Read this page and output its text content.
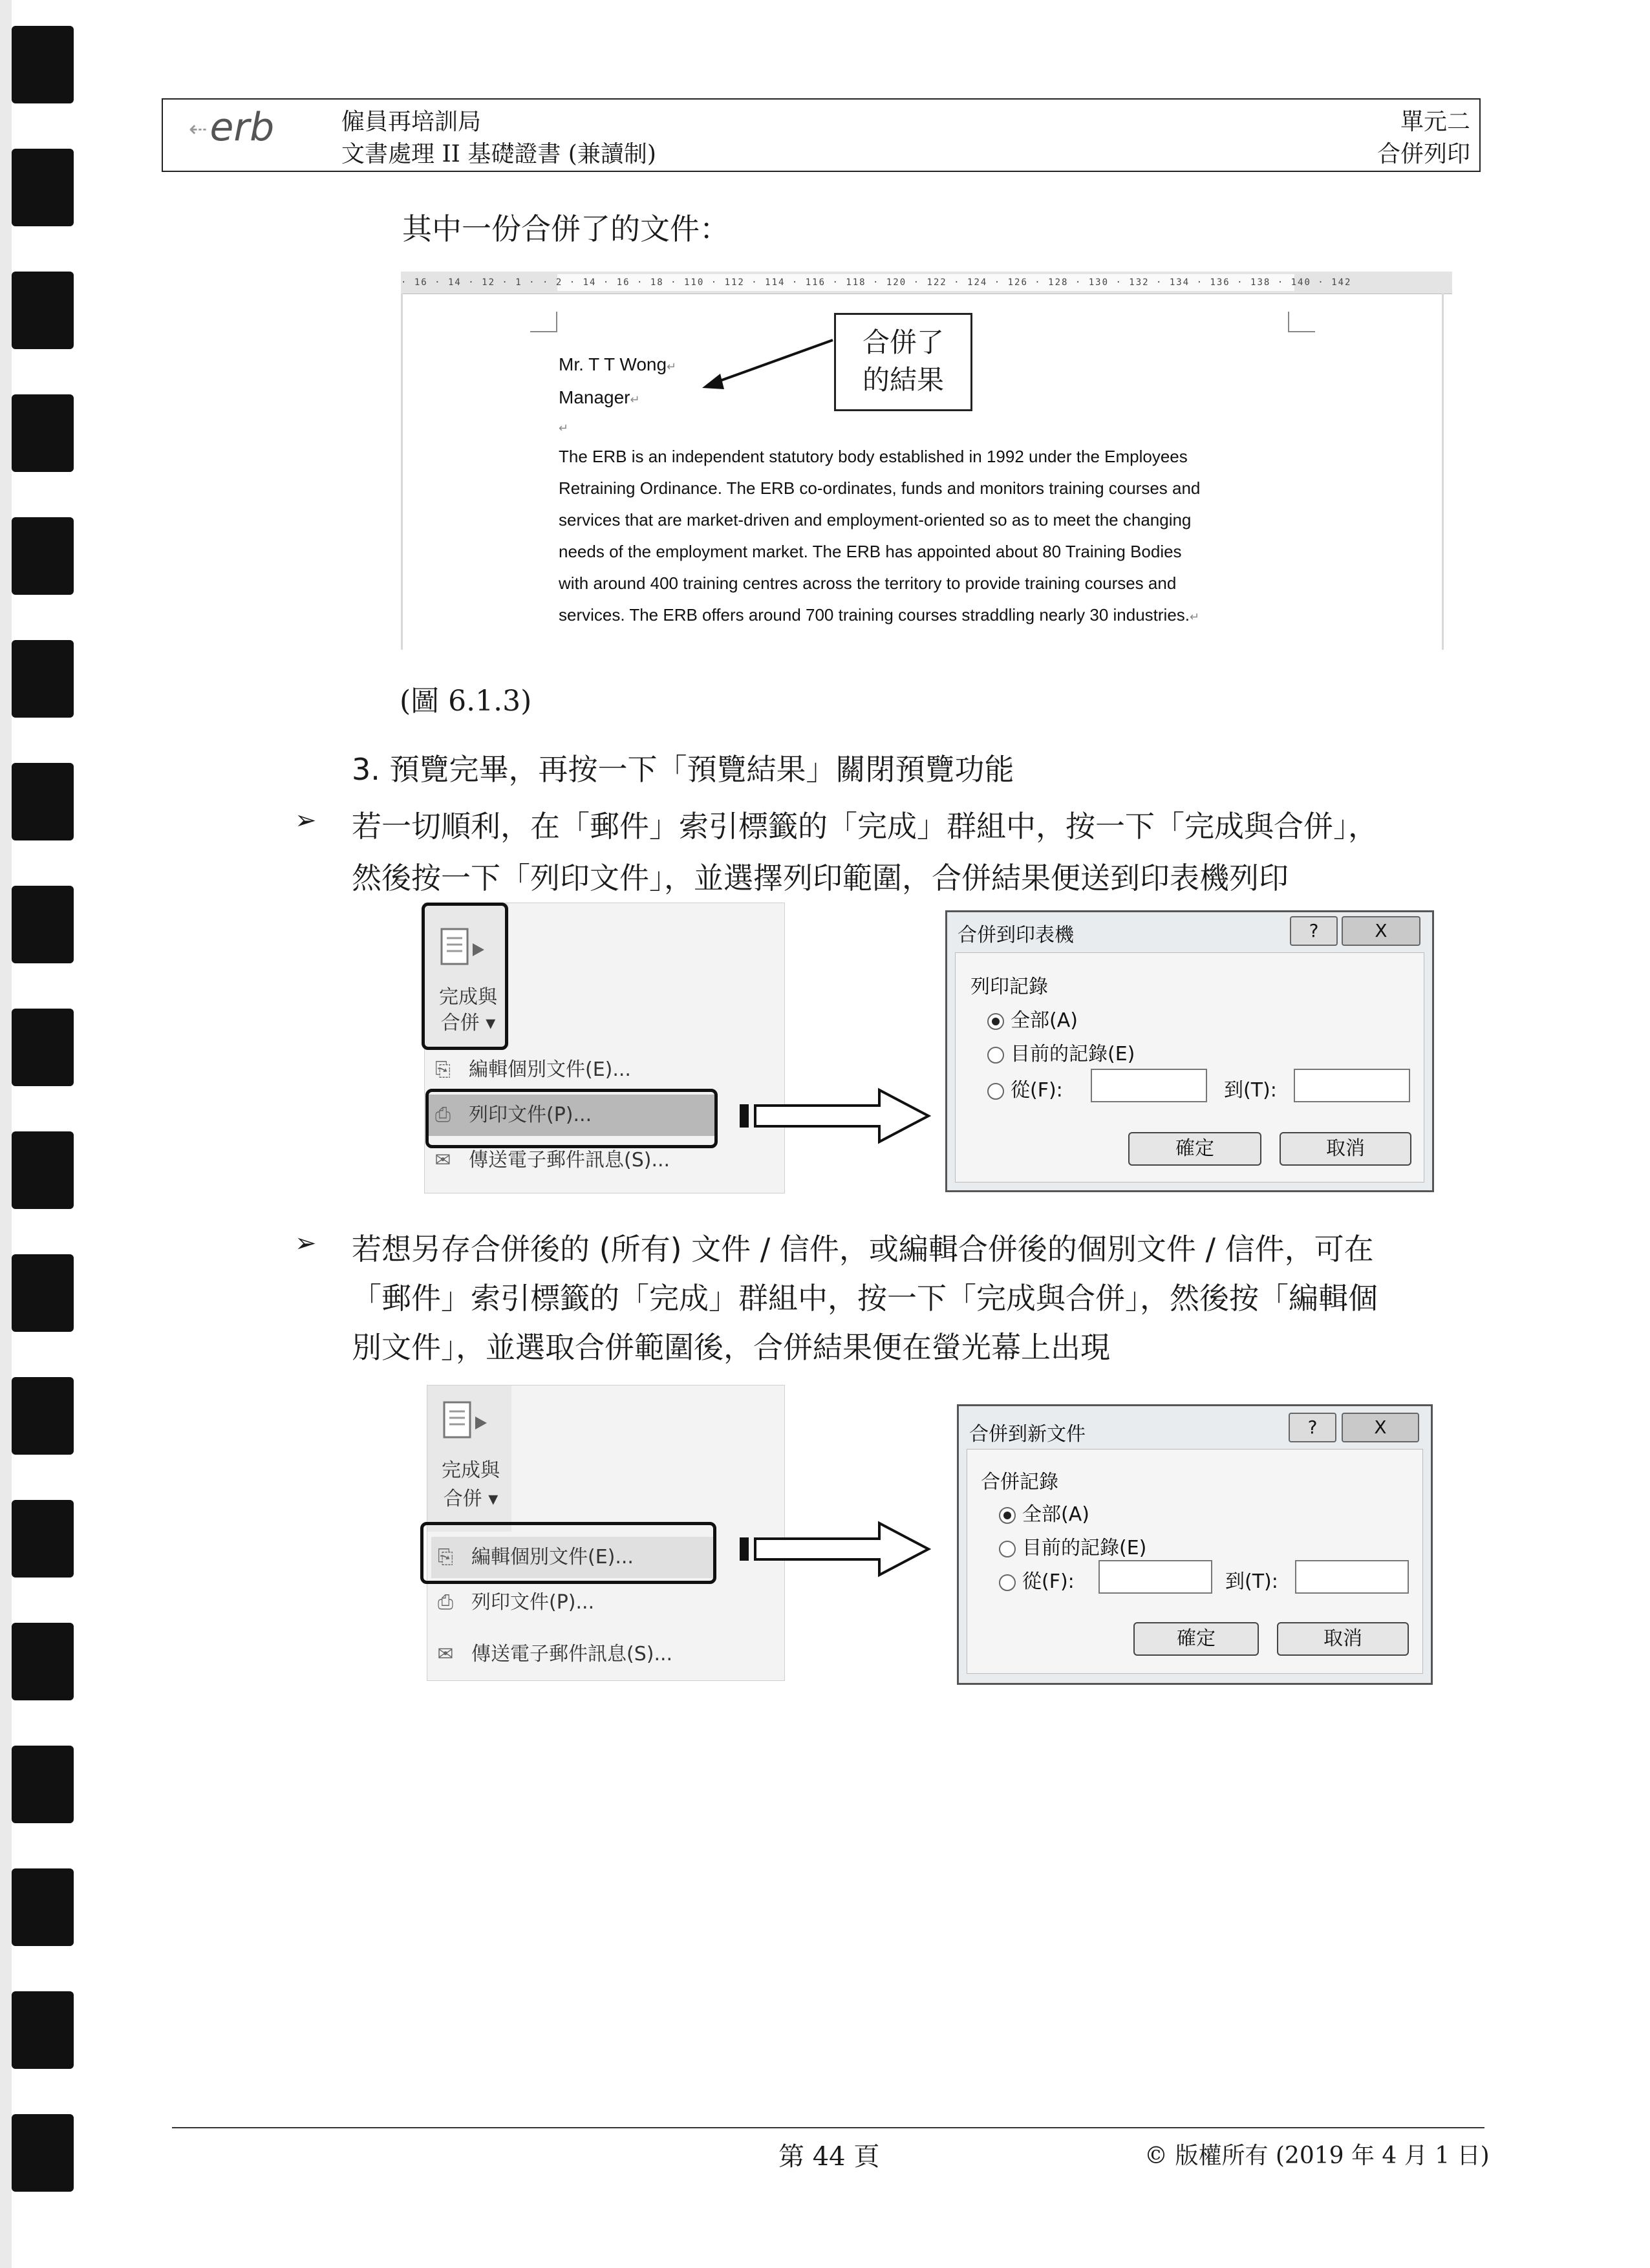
⇠erb	僱員再培訓局
文書處理 II 基礎證書 (兼讀制)
單元二
合併列印
其中一份合併了的文件：
· 16 · 14 · 12 · 1 · · 2 · 14 · 16 · 18 · 110 · 112 · 114 · 116 · 118 · 120 · 122 · 124 · 126 · 128 · 130 · 132 · 134 · 136 · 138 · 140 · 142
Mr. T T Wong↵
Manager↵
↵
The ERB is an independent statutory body established in 1992 under the Employees
Retraining Ordinance. The ERB co-ordinates, funds and monitors training courses and
services that are market-driven and employment-oriented so as to meet the changing
needs of the employment market. The ERB has appointed about 80 Training Bodies
with around 400 training centres across the territory to provide training courses and
services. The ERB offers around 700 training courses straddling nearly 30 industries.↵
合併了
的結果
(圖 6.1.3)
3. 預覽完畢，再按一下「預覽結果」關閉預覽功能
➢ 若一切順利，在「郵件」索引標籤的「完成」群組中，按一下「完成與合併」，
然後按一下「列印文件」，並選擇列印範圍，合併結果便送到印表機列印
完成與
合併 ▾
⎘ 編輯個別文件(E)...
⎙ 列印文件(P)...
✉ 傳送電子郵件訊息(S)...
合併到印表機	?	X
列印記錄
全部(A)
目前的記錄(E)
從(F):	到(T):
確定	取消
➢ 若想另存合併後的 (所有) 文件 / 信件，或編輯合併後的個別文件 / 信件，可在
「郵件」索引標籤的「完成」群組中，按一下「完成與合併」，然後按「編輯個
別文件」，並選取合併範圍後，合併結果便在螢光幕上出現
完成與
合併 ▾
⎘ 編輯個別文件(E)...
⎙ 列印文件(P)...
✉ 傳送電子郵件訊息(S)...
合併到新文件	?	X
合併記錄
全部(A)
目前的記錄(E)
從(F):	到(T):
確定	取消
第 44 頁	© 版權所有 (2019 年 4 月 1 日)
